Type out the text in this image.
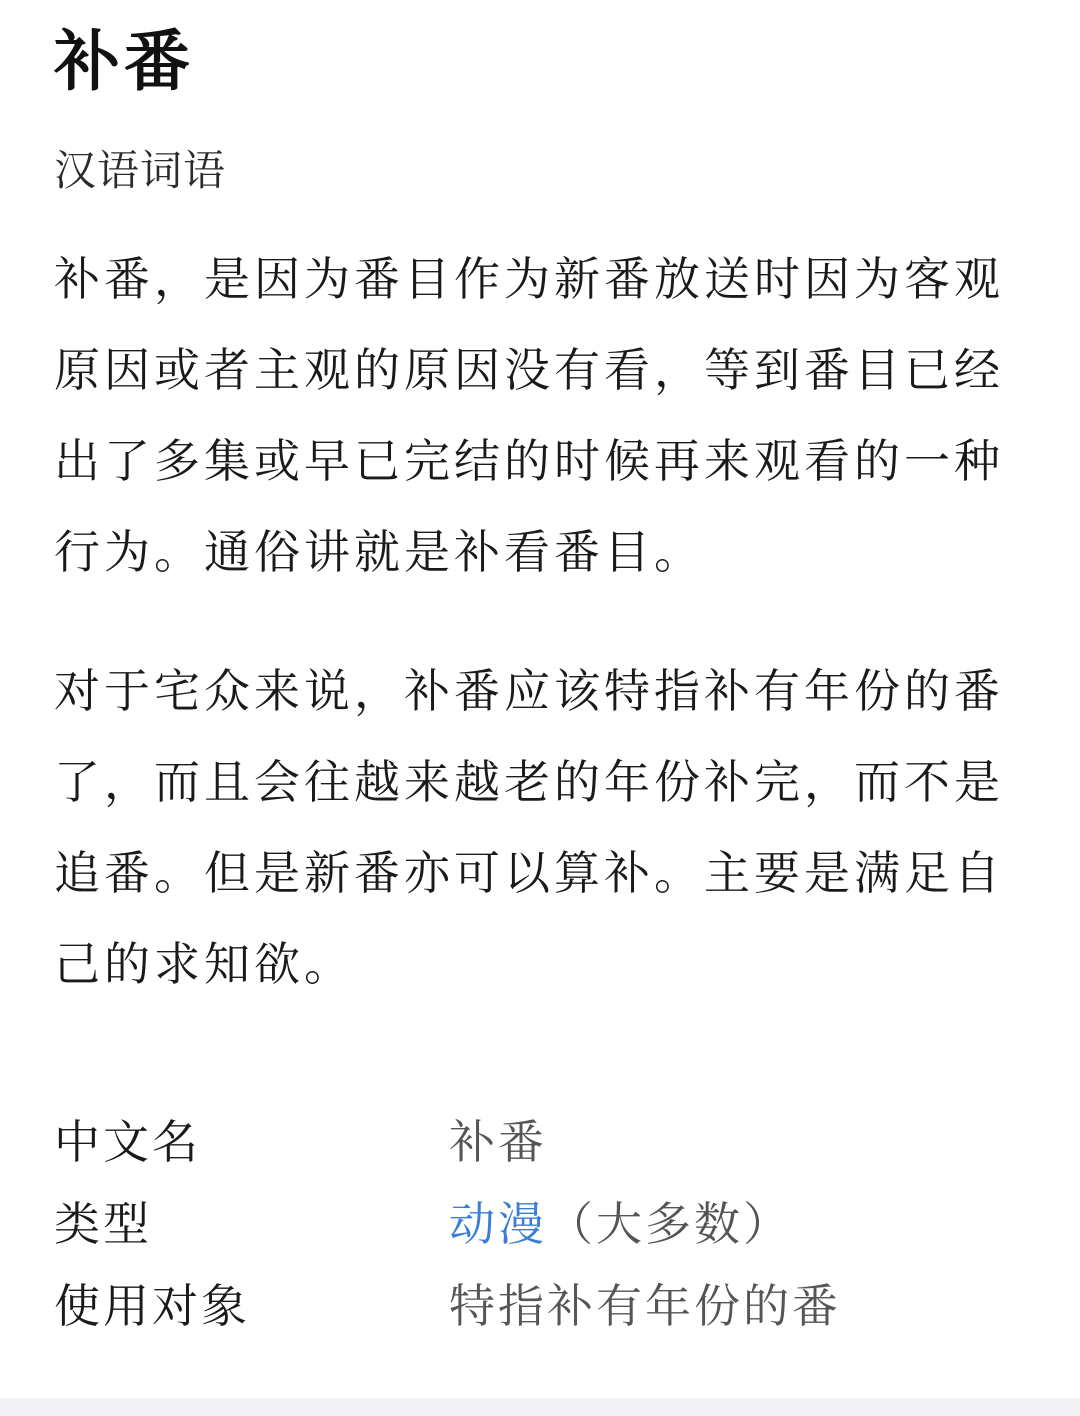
补番
汉语词语

补番，是因为番目作为新番放送时因为客观原因或者主观的原因没有看，等到番目已经出了多集或早已完结的时候再来观看的一种行为。通俗讲就是补看番目。

对于宅众来说，补番应该特指补有年份的番了，而且会往越来越老的年份补完，而不是追番。但是新番亦可以算补。主要是满足自己的求知欲。

中文名	补番
类型	动漫（大多数）
使用对象	特指补有年份的番
